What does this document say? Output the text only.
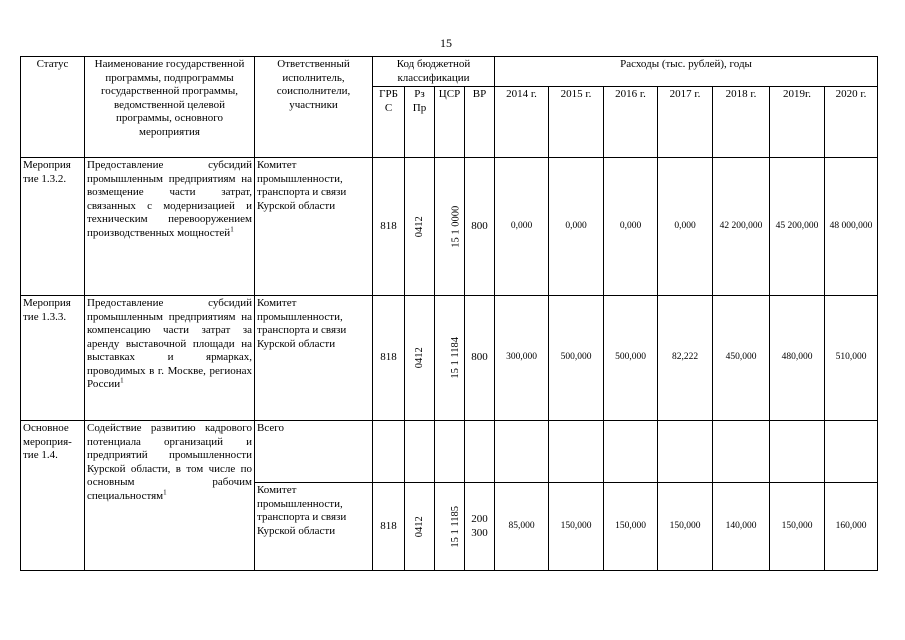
15
Статус	Наименование государственной программы, подпрограммы государственной программы, ведомственной целевой программы, основного мероприятия	Ответственный исполнитель, соисполнители, участники	Код бюджетной классификации				Расходы (тыс. рублей), годы						
			ГРБ С	Рз Пр	ЦСР	ВР	2014 г.	2015 г.	2016 г.	2017 г.	2018 г.	2019г.	2020 г.
Мероприя тие 1.3.2.	Предоставление субсидий промышленным предприятиям на возмещение части затрат, связанных с модернизацией и техническим перевооружением производственных мощностей$^1$	Комитет промышленности, транспорта и связи Курской области	818	0412	15 1 0000	800	0,000	0,000	0,000	0,000	42 200,000	45 200,000	48 000,000
Мероприя тие 1.3.3.	Предоставление субсидий промышленным предприятиям на компенсацию части затрат за аренду выставочной площади на выставках и ярмарках, проводимых в г. Москве, регионах России$^1$	Комитет промышленности, транспорта и связи Курской области	818	0412	15 1 1184	800	300,000	500,000	500,000	82,222	450,000	480,000	510,000
Основное мероприя- тие 1.4.	Содействие развитию кадрового потенциала организаций и предприятий промышленности Курской области, в том числе по основным рабочим специальностям$^1$	Всего											
		Комитет промышленности, транспорта и связи Курской области	818	0412	15 1 1185	200 300	85,000	150,000	150,000	150,000	140,000	150,000	160,000
